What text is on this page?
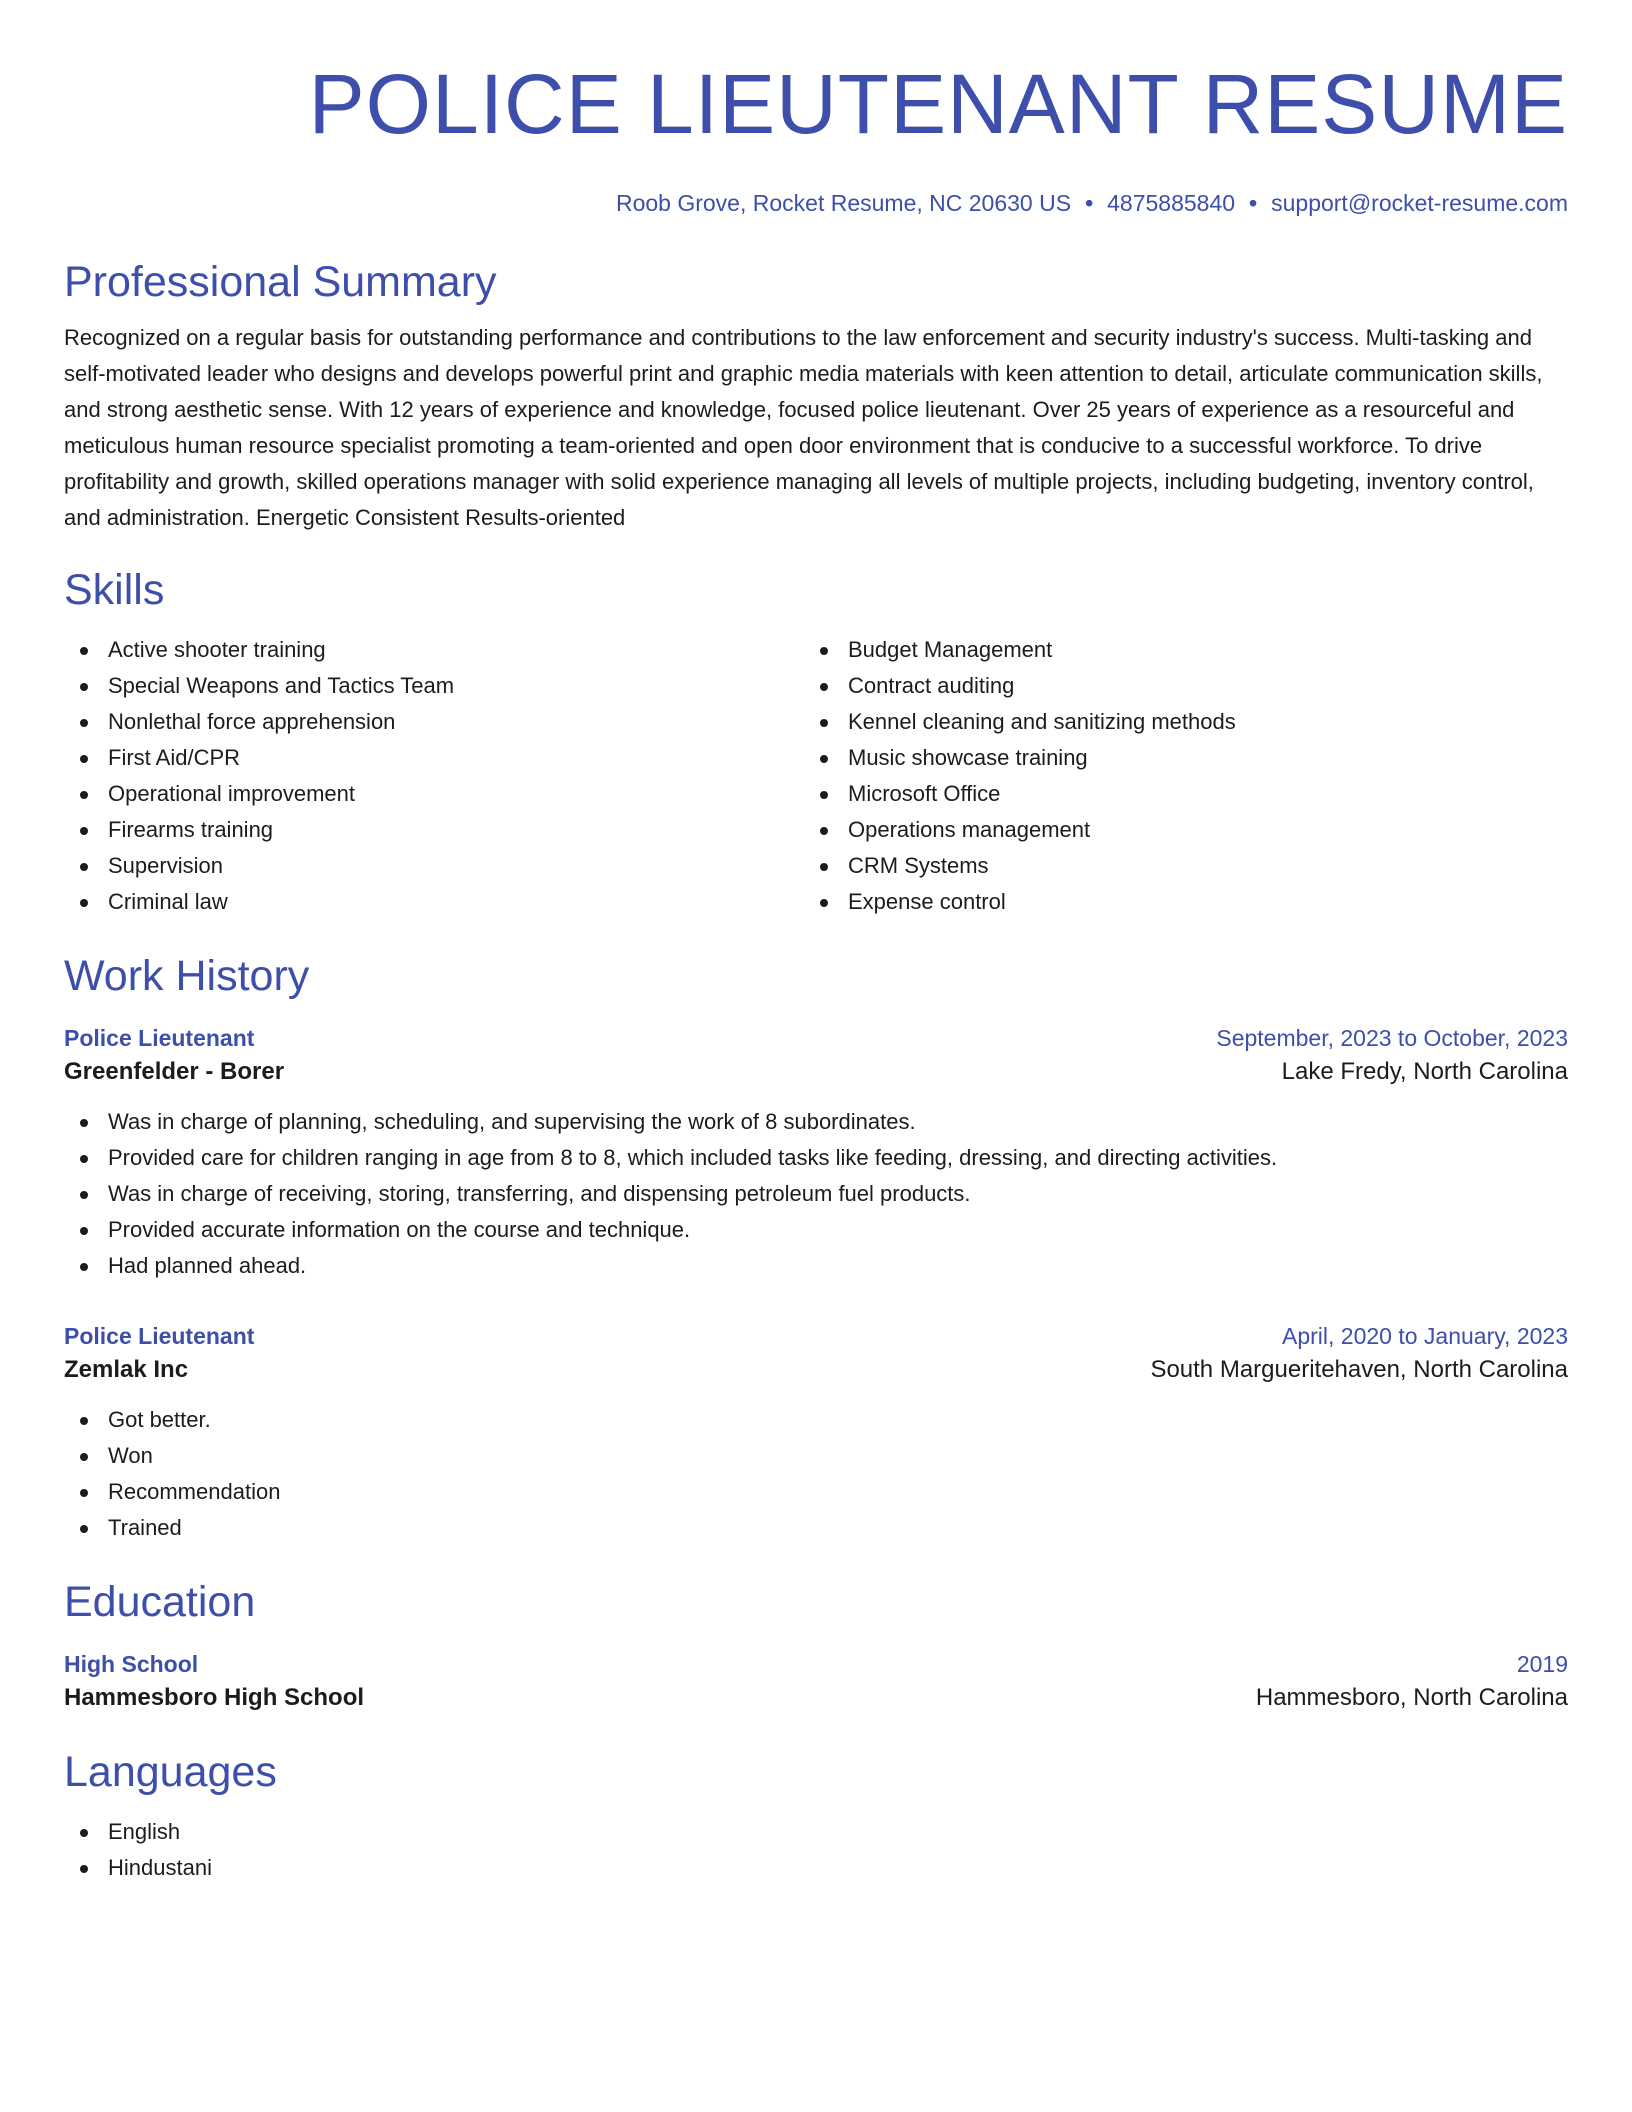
POLICE LIEUTENANT RESUME
Roob Grove, Rocket Resume, NC 20630 US • 4875885840 • support@rocket-resume.com
Professional Summary

Recognized on a regular basis for outstanding performance and contributions to the law enforcement and security industry's success. Multi-tasking and self-motivated leader who designs and develops powerful print and graphic media materials with keen attention to detail, articulate communication skills, and strong aesthetic sense. With 12 years of experience and knowledge, focused police lieutenant. Over 25 years of experience as a resourceful and meticulous human resource specialist promoting a team-oriented and open door environment that is conducive to a successful workforce. To drive profitability and growth, skilled operations manager with solid experience managing all levels of multiple projects, including budgeting, inventory control, and administration. Energetic Consistent Results-oriented

Skills
Active shooter training
Special Weapons and Tactics Team
Nonlethal force apprehension
First Aid/CPR
Operational improvement
Firearms training
Supervision
Criminal law
Budget Management
Contract auditing
Kennel cleaning and sanitizing methods
Music showcase training
Microsoft Office
Operations management
CRM Systems
Expense control
Work History
Police Lieutenant	September, 2023 to October, 2023
Greenfelder - Borer	Lake Fredy, North Carolina
Was in charge of planning, scheduling, and supervising the work of 8 subordinates.
Provided care for children ranging in age from 8 to 8, which included tasks like feeding, dressing, and directing activities.
Was in charge of receiving, storing, transferring, and dispensing petroleum fuel products.
Provided accurate information on the course and technique.
Had planned ahead.
Police Lieutenant	April, 2020 to January, 2023
Zemlak Inc	South Margueritehaven, North Carolina
Got better.
Won
Recommendation
Trained
Education
High School	2019
Hammesboro High School	Hammesboro, North Carolina
Languages
English
Hindustani
